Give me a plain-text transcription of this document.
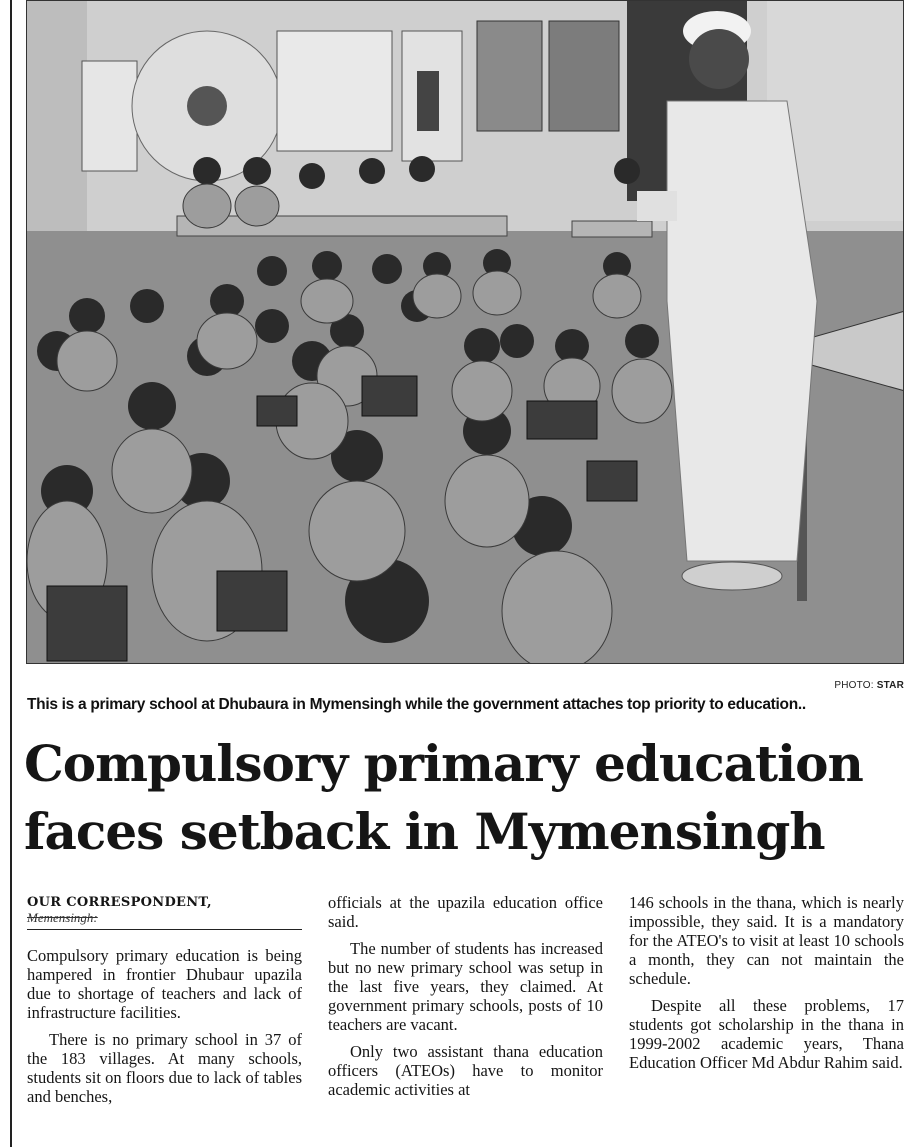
PHOTO: STAR
This is a primary school at Dhubaura in Mymensingh while the government attaches top priority to education..
Compulsory primary education
faces setback in Mymensingh
OUR CORRESPONDENT,
Memensingh:

Compulsory primary education is being hampered in frontier Dhubaur upazila due to shortage of teachers and lack of infrastructure facilities.

There is no primary school in 37 of the 183 villages. At many schools, students sit on floors due to lack of tables and benches,

officials at the upazila education office said.

The number of students has increased but no new primary school was setup in the last five years, they claimed. At government primary schools, posts of 10 teachers are vacant.

Only two assistant thana education officers (ATEOs) have to monitor academic activities at

146 schools in the thana, which is nearly impossible, they said. It is a mandatory for the ATEO's to visit at least 10 schools a month, they can not maintain the schedule.

Despite all these problems, 17 students got scholarship in the thana in 1999-2002 academic years, Thana Education Officer Md Abdur Rahim said.
